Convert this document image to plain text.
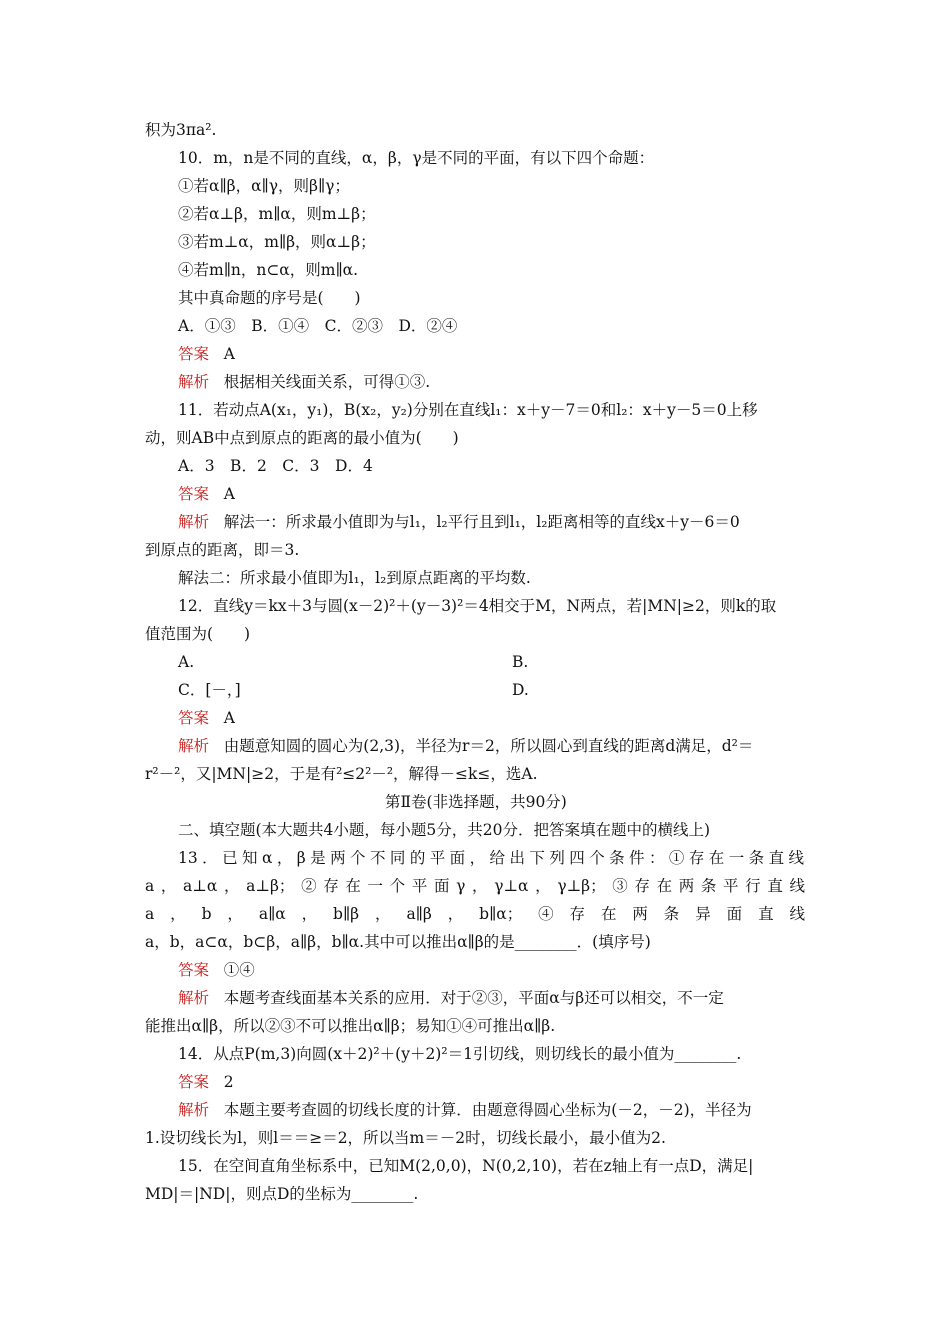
积为3πa².
10．m，n是不同的直线，α，β，γ是不同的平面，有以下四个命题：
①若α∥β，α∥γ，则β∥γ；
②若α⊥β，m∥α，则m⊥β；
③若m⊥α，m∥β，则α⊥β；
④若m∥n，n⊂α，则m∥α.
其中真命题的序号是(　　)
A．①③　B．①④　C．②③　D．②④
答案 A
解析 根据相关线面关系，可得①③.
11．若动点A(x₁，y₁)，B(x₂，y₂)分别在直线l₁：x＋y－7＝0和l₂：x＋y－5＝0上移
动，则AB中点到原点的距离的最小值为(　　)
A．3　B．2　C．3　D．4
答案 A
解析 解法一：所求最小值即为与l₁，l₂平行且到l₁，l₂距离相等的直线x＋y－6＝0
到原点的距离，即＝3.
解法二：所求最小值即为l₁，l₂到原点距离的平均数.
12．直线y＝kx＋3与圆(x－2)²＋(y－3)²＝4相交于M，N两点，若|MN|≥2，则k的取
值范围为(　　)
A.	B.
C．[－，]	D.
答案 A
解析 由题意知圆的圆心为(2,3)，半径为r＝2，所以圆心到直线的距离d满足，d²＝
r²－²，又|MN|≥2，于是有²≤2²－²，解得－≤k≤，选A.
第Ⅱ卷(非选择题，共90分)
二、填空题(本大题共4小题，每小题5分，共20分．把答案填在题中的横线上)
13．已知α，β是两个不同的平面，给出下列四个条件：①存在一条直线
a，a⊥α，a⊥β；②存在一个平面γ，γ⊥α，γ⊥β；③存在两条平行直线
a，b，a∥α，b∥β，a∥β，b∥α；④存在两条异面直线
a，b，a⊂α，b⊂β，a∥β，b∥α.其中可以推出α∥β的是________．(填序号)
答案 ①④
解析 本题考查线面基本关系的应用．对于②③，平面α与β还可以相交，不一定
能推出α∥β，所以②③不可以推出α∥β；易知①④可推出α∥β.
14．从点P(m,3)向圆(x＋2)²＋(y＋2)²＝1引切线，则切线长的最小值为________.
答案 2
解析 本题主要考查圆的切线长度的计算．由题意得圆心坐标为(－2，－2)，半径为
1.设切线长为l，则l＝＝≥＝2，所以当m＝－2时，切线长最小，最小值为2.
15．在空间直角坐标系中，已知M(2,0,0)，N(0,2,10)，若在z轴上有一点D，满足|
MD|＝|ND|，则点D的坐标为________.
